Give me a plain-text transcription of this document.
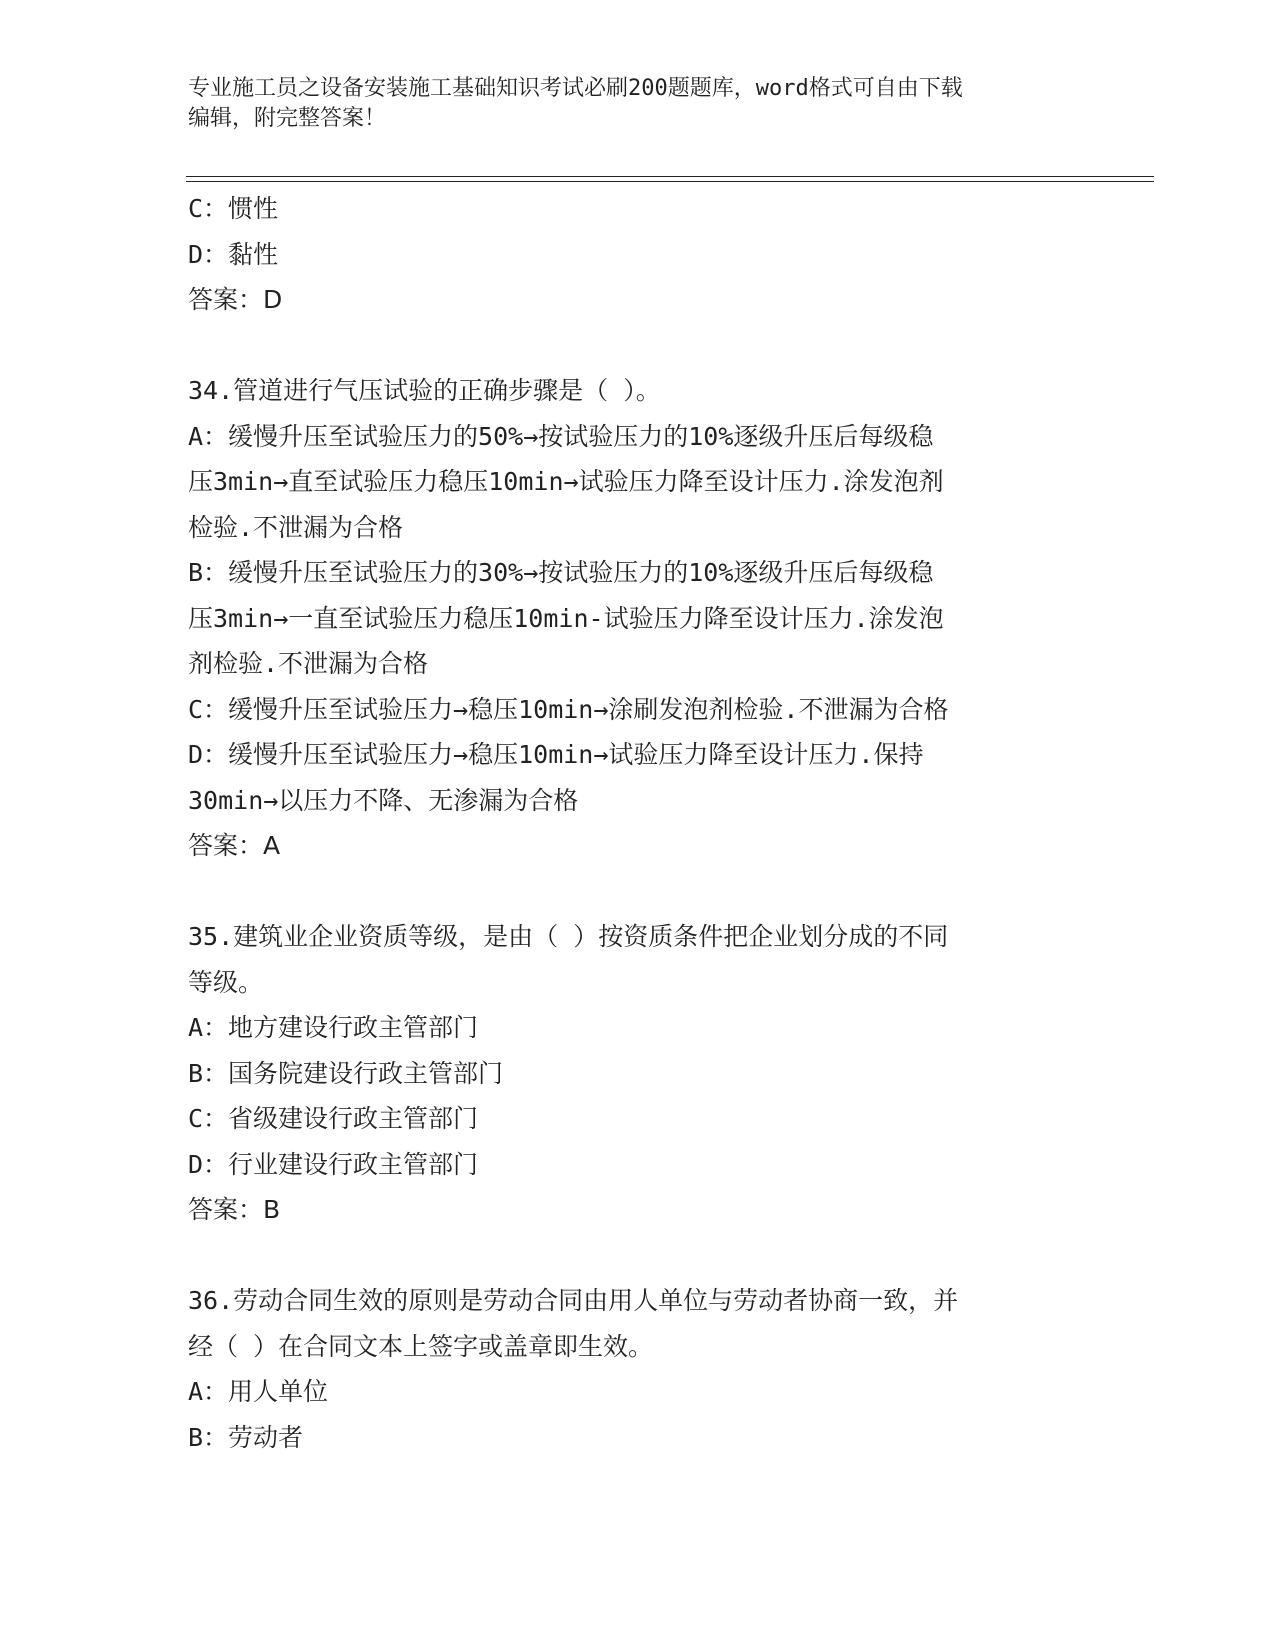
专业施工员之设备安装施工基础知识考试必刷200题题库，word格式可自由下载
编辑，附完整答案！
C：惯性
D：黏性
答案：D
34.管道进行气压试验的正确步骤是（ ）。
A：缓慢升压至试验压力的50%→按试验压力的10%逐级升压后每级稳
压3min→直至试验压力稳压10min→试验压力降至设计压力.涂发泡剂
检验.不泄漏为合格
B：缓慢升压至试验压力的30%→按试验压力的10%逐级升压后每级稳
压3min→一直至试验压力稳压10min-试验压力降至设计压力.涂发泡
剂检验.不泄漏为合格
C：缓慢升压至试验压力→稳压10min→涂刷发泡剂检验.不泄漏为合格
D：缓慢升压至试验压力→稳压10min→试验压力降至设计压力.保持
30min→以压力不降、无渗漏为合格
答案：A
35.建筑业企业资质等级，是由（ ）按资质条件把企业划分成的不同
等级。
A：地方建设行政主管部门
B：国务院建设行政主管部门
C：省级建设行政主管部门
D：行业建设行政主管部门
答案：B
36.劳动合同生效的原则是劳动合同由用人单位与劳动者协商一致，并
经（ ）在合同文本上签字或盖章即生效。
A：用人单位
B：劳动者
